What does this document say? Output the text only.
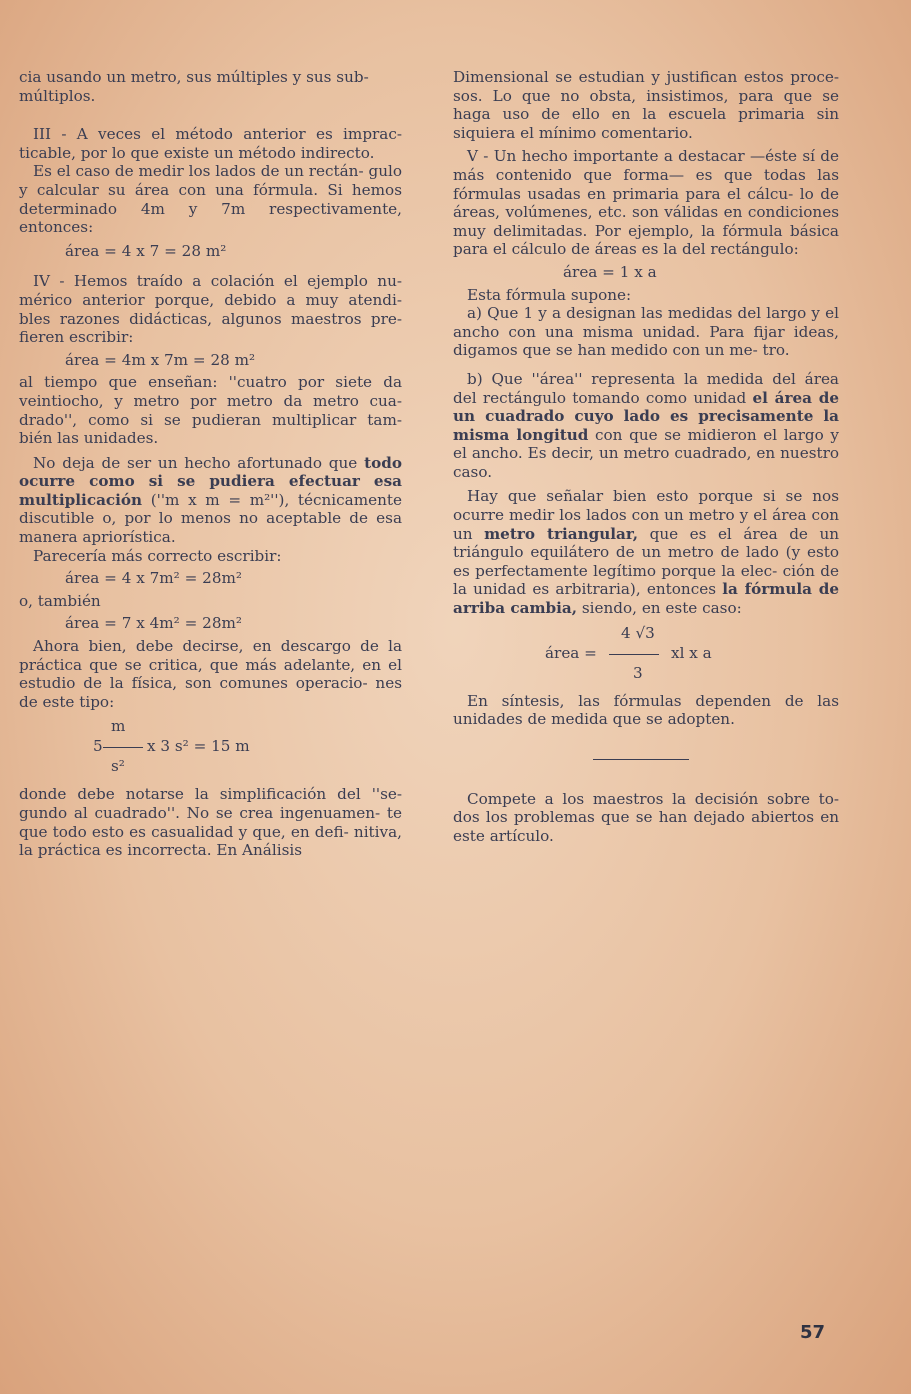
cia usando un metro, sus múltiples y sus sub-

múltiplos.

III - A veces el método anterior es imprac- ticable, por lo que existe un método indirecto.

Es el caso de medir los lados de un rectán- gulo y calcular su área con una fórmula. Si hemos determinado 4m y 7m respectivamente, entonces:

área = 4 x 7 = 28 m²

IV - Hemos traído a colación el ejemplo nu- mérico anterior porque, debido a muy atendi- bles razones didácticas, algunos maestros pre- fieren escribir:

área = 4m x 7m = 28 m²

al tiempo que enseñan: ''cuatro por siete da veintiocho, y metro por metro da metro cua- drado'', como si se pudieran multiplicar tam- bién las unidades.

No deja de ser un hecho afortunado que todo ocurre como si se pudiera efectuar esa multiplicación (''m x m = m²''), técnicamente discutible o, por lo menos no aceptable de esa manera apriorística.

Parecería más correcto escribir:

área = 4 x 7m² = 28m²

o, también

área = 7 x 4m² = 28m²

Ahora bien, debe decirse, en descargo de la práctica que se critica, que más adelante, en el estudio de la física, son comunes operacio- nes de este tipo:

m
5	x 3 s² = 15 m
s²

donde debe notarse la simplificación del ''se- gundo al cuadrado''. No se crea ingenuamen- te que todo esto es casualidad y que, en defi- nitiva, la práctica es incorrecta. En Análisis

Dimensional se estudian y justifican estos proce- sos. Lo que no obsta, insistimos, para que se haga uso de ello en la escuela primaria sin siquiera el mínimo comentario.

V - Un hecho importante a destacar —éste sí de más contenido que forma— es que todas las fórmulas usadas en primaria para el cálcu- lo de áreas, volúmenes, etc. son válidas en condiciones muy delimitadas. Por ejemplo, la fórmula básica para el cálculo de áreas es la del rectángulo:

área = 1 x a

Esta fórmula supone:

a) Que 1 y a designan las medidas del largo y el ancho con una misma unidad. Para fijar ideas, digamos que se han medido con un me- tro.

b) Que ''área'' representa la medida del área del rectángulo tomando como unidad el área de un cuadrado cuyo lado es precisamente la misma longitud con que se midieron el largo y el ancho. Es decir, un metro cuadrado, en nuestro caso.

Hay que señalar bien esto porque si se nos ocurre medir los lados con un metro y el área con un metro triangular, que es el área de un triángulo equilátero de un metro de lado (y esto es perfectamente legítimo porque la elec- ción de la unidad es arbitraria), entonces la fórmula de arriba cambia, siendo, en este caso:

4 √3
área =	xl x a
3

En síntesis, las fórmulas dependen de las unidades de medida que se adopten.

Compete a los maestros la decisión sobre to- dos los problemas que se han dejado abiertos en este artículo.

57
